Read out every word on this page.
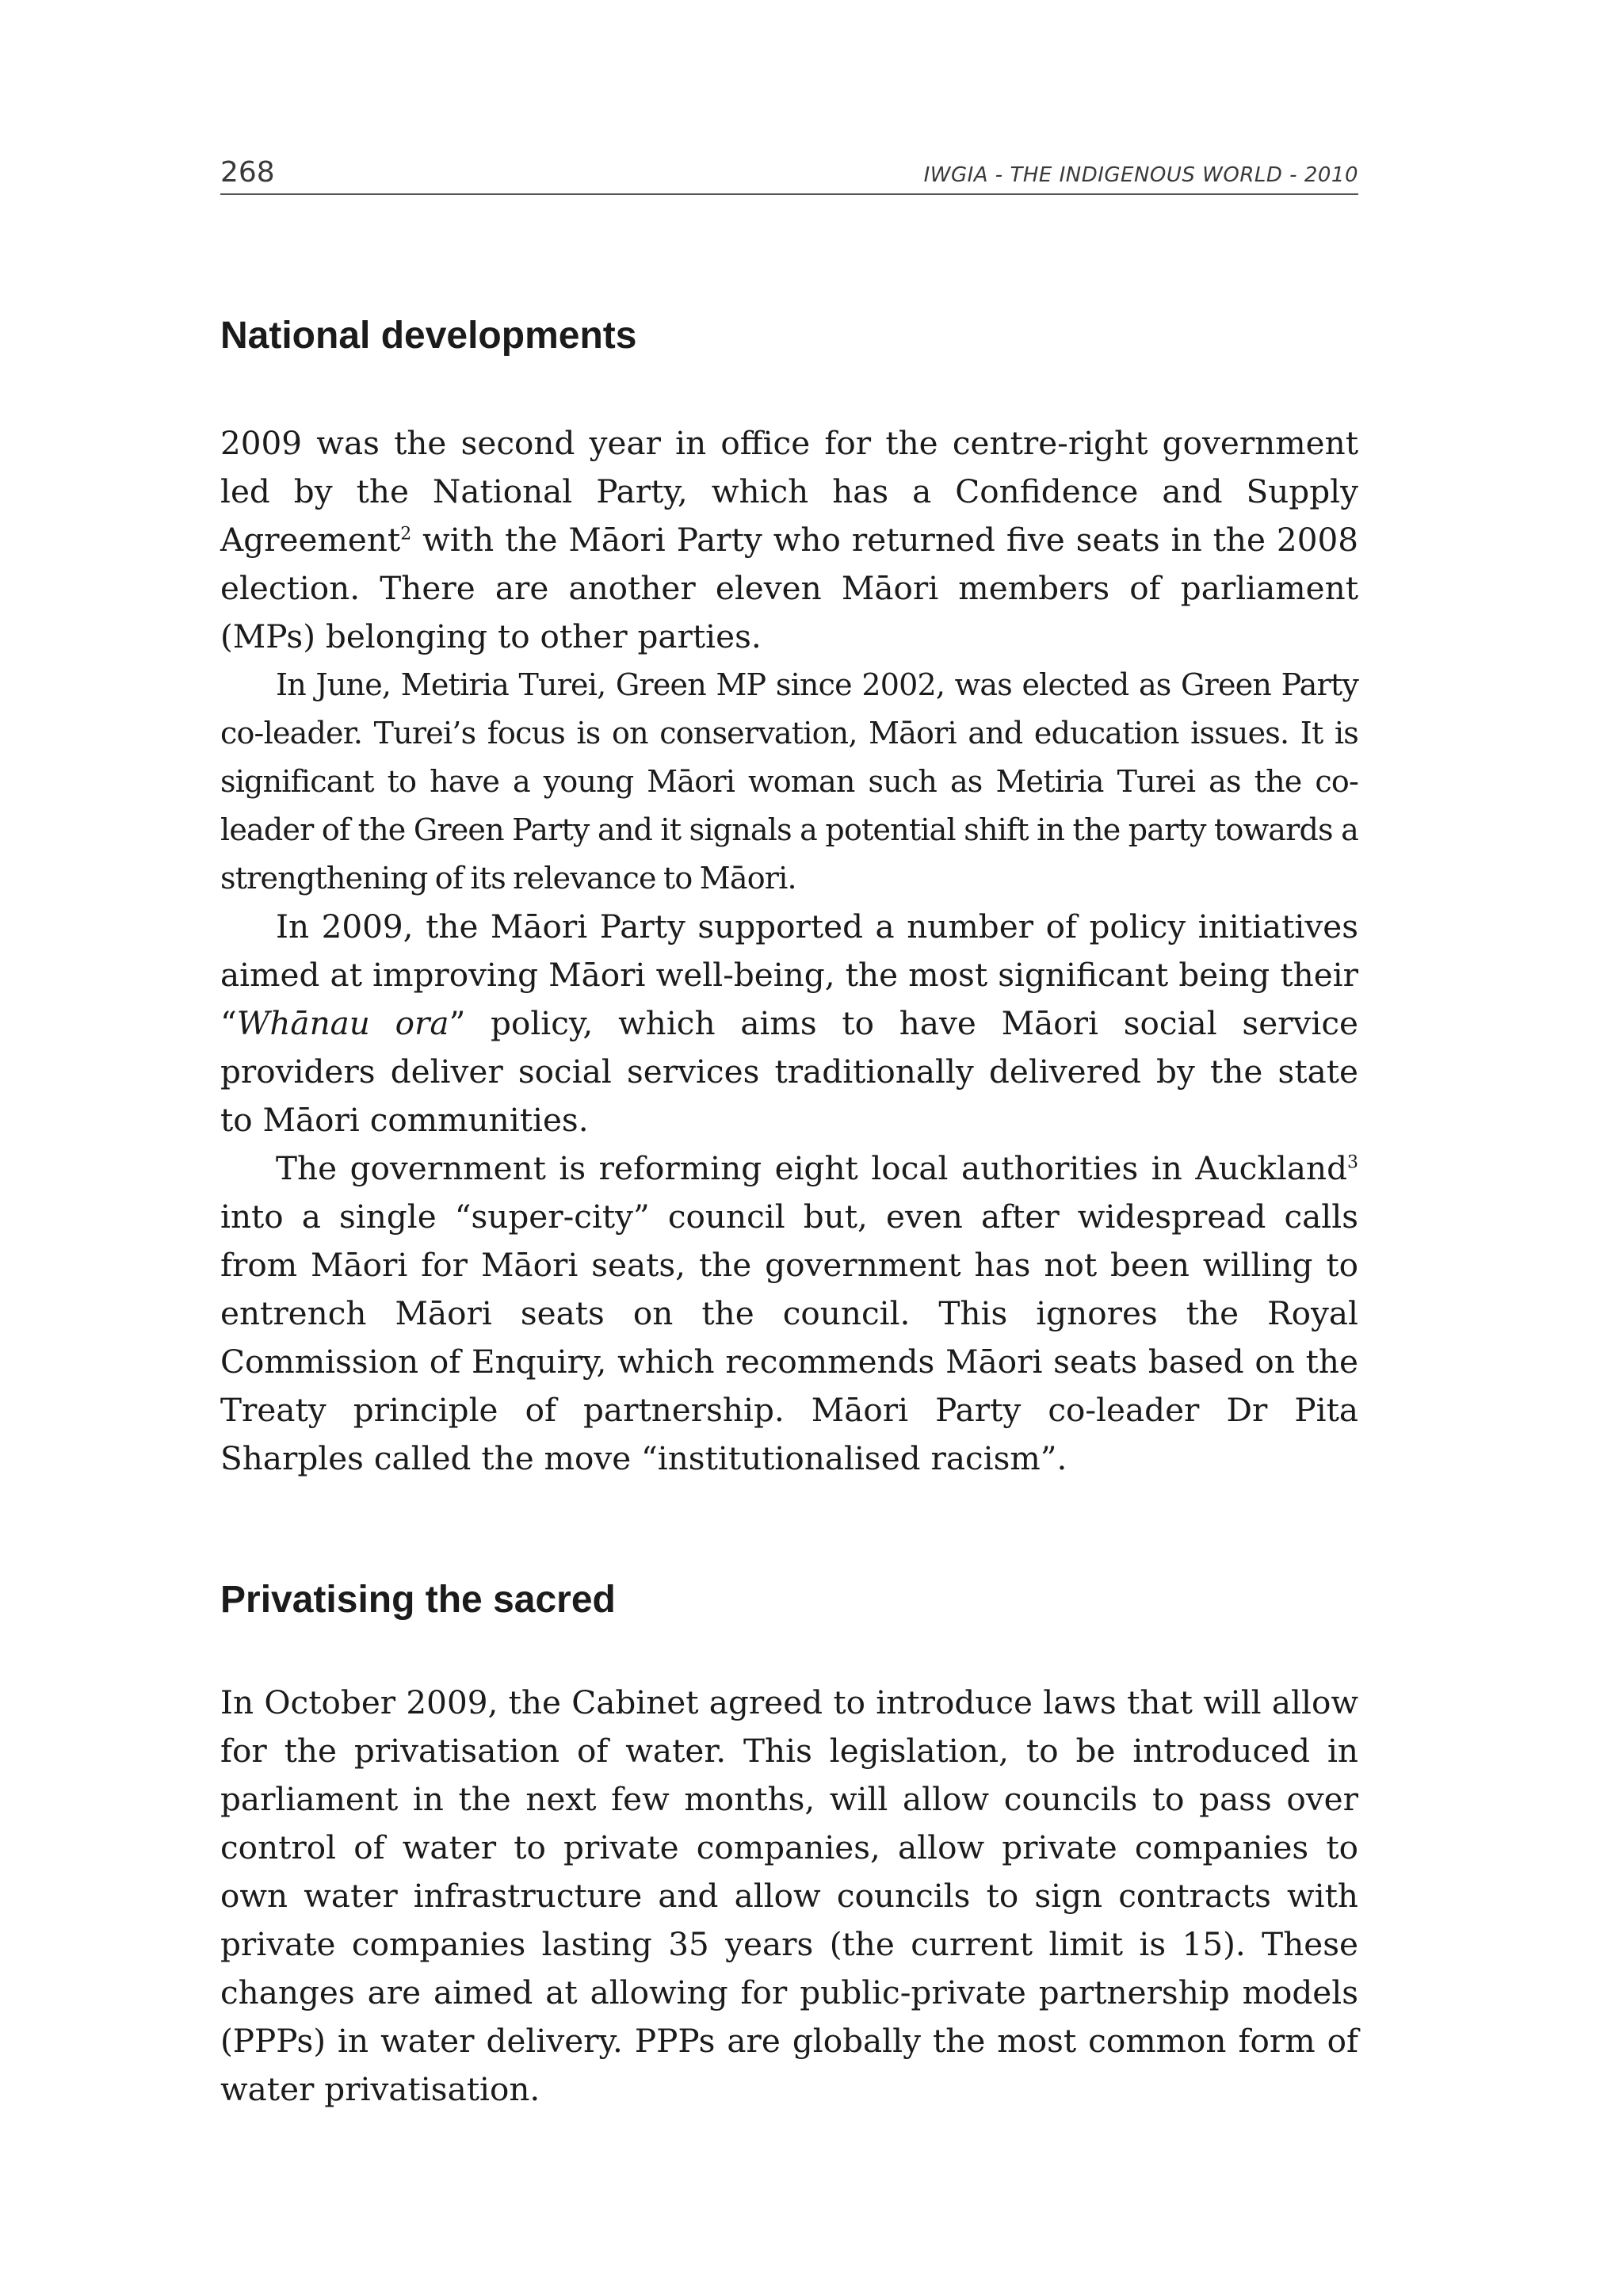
268	IWGIA - THE INDIGENOUS WORLD - 2010
National developments

2009 was the second year in office for the centre-right government led by the National Party, which has a Confidence and Supply Agreement$^2$ with the Māori Party who returned five seats in the 2008 election. There are another eleven Māori members of parliament (MPs) belonging to other parties.

In June, Metiria Turei, Green MP since 2002, was elected as Green Party co-leader. Turei’s focus is on conservation, Māori and education issues. It is significant to have a young Māori woman such as Metiria Turei as the co-leader of the Green Party and it signals a potential shift in the party towards a strengthening of its relevance to Māori.

In 2009, the Māori Party supported a number of policy initiatives aimed at improving Māori well-being, the most significant being their “Whānau ora” policy, which aims to have Māori social service providers deliver social services traditionally delivered by the state to Māori communities.

The government is reforming eight local authorities in Auckland$^3$ into a single “super-city” council but, even after widespread calls from Māori for Māori seats, the government has not been willing to entrench Māori seats on the council. This ignores the Royal Commission of Enquiry, which recommends Māori seats based on the Treaty principle of partnership. Māori Party co-leader Dr Pita Sharples called the move “institutionalised racism”.

Privatising the sacred

In October 2009, the Cabinet agreed to introduce laws that will allow for the privatisation of water. This legislation, to be introduced in parliament in the next few months, will allow councils to pass over control of water to private companies, allow private companies to own water infrastructure and allow councils to sign contracts with private companies lasting 35 years (the current limit is 15). These changes are aimed at allowing for public-private partnership models (PPPs) in water delivery. PPPs are globally the most common form of water privatisation.
